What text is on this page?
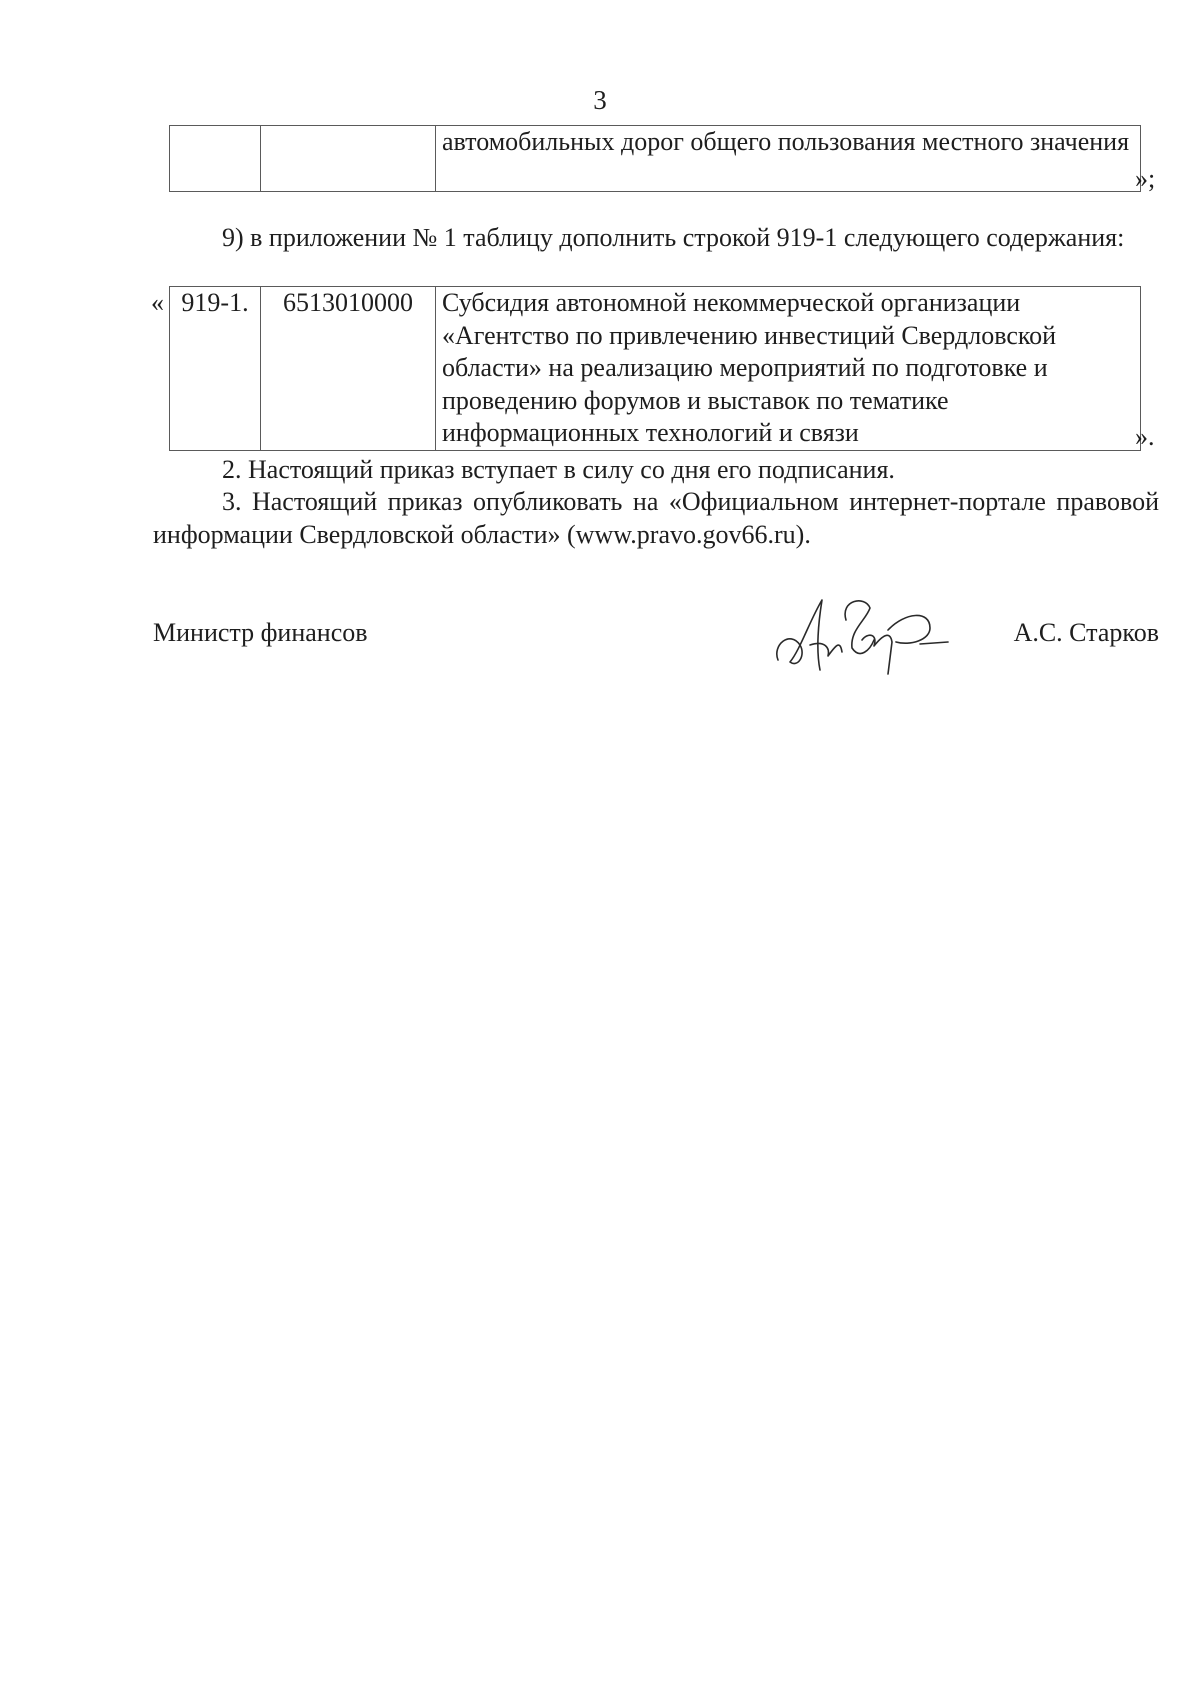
3
		автомобильных дорог общего пользования местного значения
»;
9) в приложении № 1 таблицу дополнить строкой 919-1 следующего содержания:
« 919-1.	6513010000	Субсидия автономной некоммерческой организации «Агентство по привлечению инвестиций Свердловской области» на реализацию мероприятий по подготовке и проведению форумов и выставок по тематике информационных технологий и связи	».
2. Настоящий приказ вступает в силу со дня его подписания.
3. Настоящий приказ опубликовать на «Официальном интернет-портале правовой информации Свердловской области» (www.pravo.gov66.ru).
Министр финансов	А.С. Старков
